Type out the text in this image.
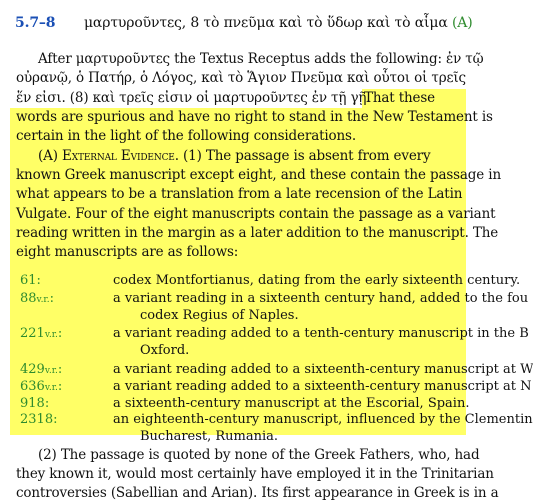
5.7–8 μαρτυροῦντες, 8 τὸ πνεῦμα καὶ τὸ ὕδωρ καὶ τὸ αἷμα (A)
After μαρτυροῦντες the Textus Receptus adds the following: ἐν τῷ
οὐρανῷ, ὁ Πατήρ, ὁ Λόγος, καὶ τὸ Ἅγιον Πνεῦμα καὶ οὗτοι οἱ τρεῖς
ἕν εἰσι. (8) καὶ τρεῖς εἰσιν οἱ μαρτυροῦντες ἐν τῇ γῇ.
That these
words are spurious and have no right to stand in the New Testament is
certain in the light of the following considerations.
(A) External Evidence. (1) The passage is absent from every
known Greek manuscript except eight, and these contain the passage in
what appears to be a translation from a late recension of the Latin
Vulgate. Four of the eight manuscripts contain the passage as a variant
reading written in the margin as a later addition to the manuscript. The
eight manuscripts are as follows:
61:	codex Montfortianus, dating from the early sixteenth century.
88v.r.:	a variant reading in a sixteenth century hand, added to the fou
codex Regius of Naples.
221v.r.:	a variant reading added to a tenth-century manuscript in the B
Oxford.
429v.r.:	a variant reading added to a sixteenth-century manuscript at W
636v.r.:	a variant reading added to a sixteenth-century manuscript at N
918:	a sixteenth-century manuscript at the Escorial, Spain.
2318:	an eighteenth-century manuscript, influenced by the Clementin
Bucharest, Rumania.
(2) The passage is quoted by none of the Greek Fathers, who, had
they known it, would most certainly have employed it in the Trinitarian
controversies (Sabellian and Arian). Its first appearance in Greek is in a
